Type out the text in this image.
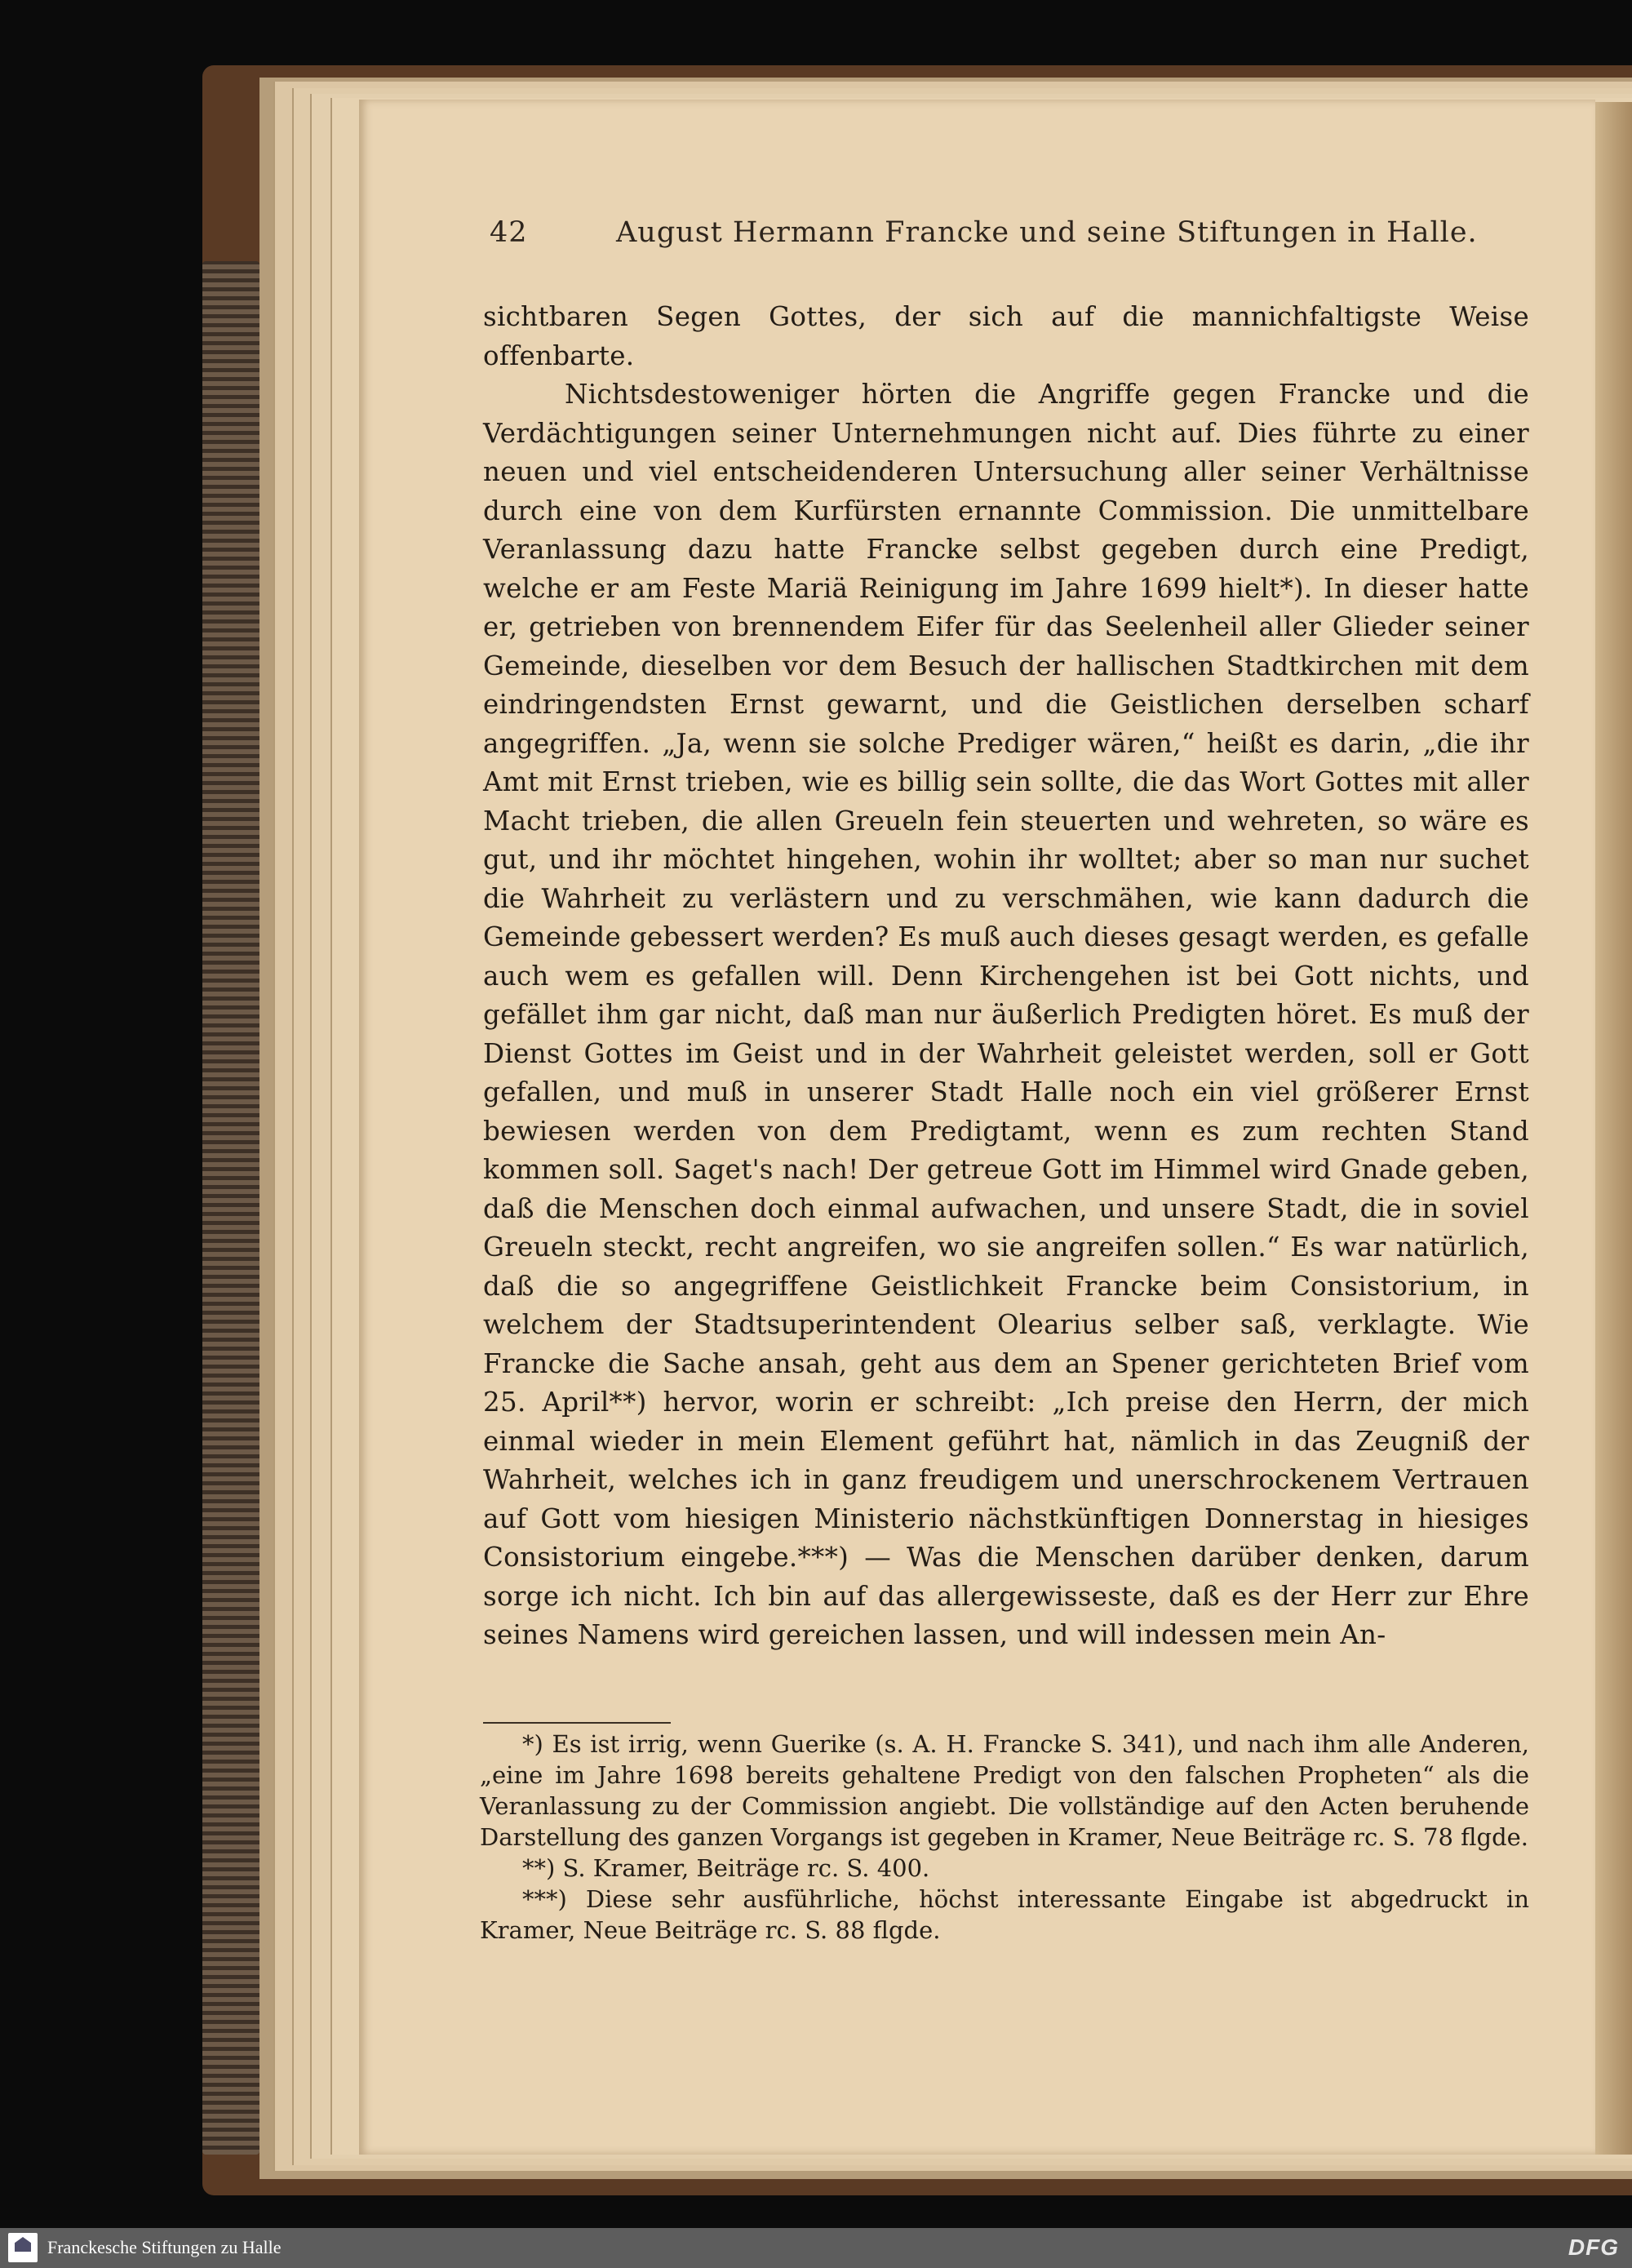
42	August Hermann Francke und seine Stiftungen in Halle.

sichtbaren Segen Gottes, der sich auf die mannichfaltigste Weise offenbarte.

Nichtsdestoweniger hörten die Angriffe gegen Francke und die Verdächtigungen seiner Unternehmungen nicht auf. Dies führte zu einer neuen und viel entscheidenderen Untersuchung aller seiner Verhältnisse durch eine von dem Kurfürsten ernannte Commission. Die unmittelbare Veranlassung dazu hatte Francke selbst gegeben durch eine Predigt, welche er am Feste Mariä Reinigung im Jahre 1699 hielt*). In dieser hatte er, getrieben von brennendem Eifer für das Seelenheil aller Glieder seiner Gemeinde, dieselben vor dem Besuch der hallischen Stadtkirchen mit dem eindringendsten Ernst gewarnt, und die Geistlichen derselben scharf angegriffen. „Ja, wenn sie solche Prediger wären,“ heißt es darin, „die ihr Amt mit Ernst trieben, wie es billig sein sollte, die das Wort Gottes mit aller Macht trieben, die allen Greueln fein steuerten und wehreten, so wäre es gut, und ihr möchtet hingehen, wohin ihr wolltet; aber so man nur suchet die Wahrheit zu verlästern und zu verschmähen, wie kann dadurch die Gemeinde gebessert werden? Es muß auch dieses gesagt werden, es gefalle auch wem es gefallen will. Denn Kirchengehen ist bei Gott nichts, und gefället ihm gar nicht, daß man nur äußerlich Predigten höret. Es muß der Dienst Gottes im Geist und in der Wahrheit geleistet werden, soll er Gott gefallen, und muß in unserer Stadt Halle noch ein viel größerer Ernst bewiesen werden von dem Predigtamt, wenn es zum rechten Stand kommen soll. Saget's nach! Der getreue Gott im Himmel wird Gnade geben, daß die Menschen doch einmal aufwachen, und unsere Stadt, die in soviel Greueln steckt, recht angreifen, wo sie angreifen sollen.“ Es war natürlich, daß die so angegriffene Geistlichkeit Francke beim Consistorium, in welchem der Stadtsuperintendent Olearius selber saß, verklagte. Wie Francke die Sache ansah, geht aus dem an Spener gerichteten Brief vom 25. April**) hervor, worin er schreibt: „Ich preise den Herrn, der mich einmal wieder in mein Element geführt hat, nämlich in das Zeugniß der Wahrheit, welches ich in ganz freudigem und unerschrockenem Vertrauen auf Gott vom hiesigen Ministerio nächstkünftigen Donnerstag in hiesiges Consistorium eingebe.***) — Was die Menschen darüber denken, darum sorge ich nicht. Ich bin auf das allergewisseste, daß es der Herr zur Ehre seines Namens wird gereichen lassen, und will indessen mein An-

*) Es ist irrig, wenn Guerike (s. A. H. Francke S. 341), und nach ihm alle Anderen, „eine im Jahre 1698 bereits gehaltene Predigt von den falschen Propheten“ als die Veranlassung zu der Commission angiebt. Die vollständige auf den Acten beruhende Darstellung des ganzen Vorgangs ist gegeben in Kramer, Neue Beiträge rc. S. 78 flgde.

**) S. Kramer, Beiträge rc. S. 400.

***) Diese sehr ausführliche, höchst interessante Eingabe ist abgedruckt in Kramer, Neue Beiträge rc. S. 88 flgde.

Franckesche Stiftungen zu Halle	DFG
